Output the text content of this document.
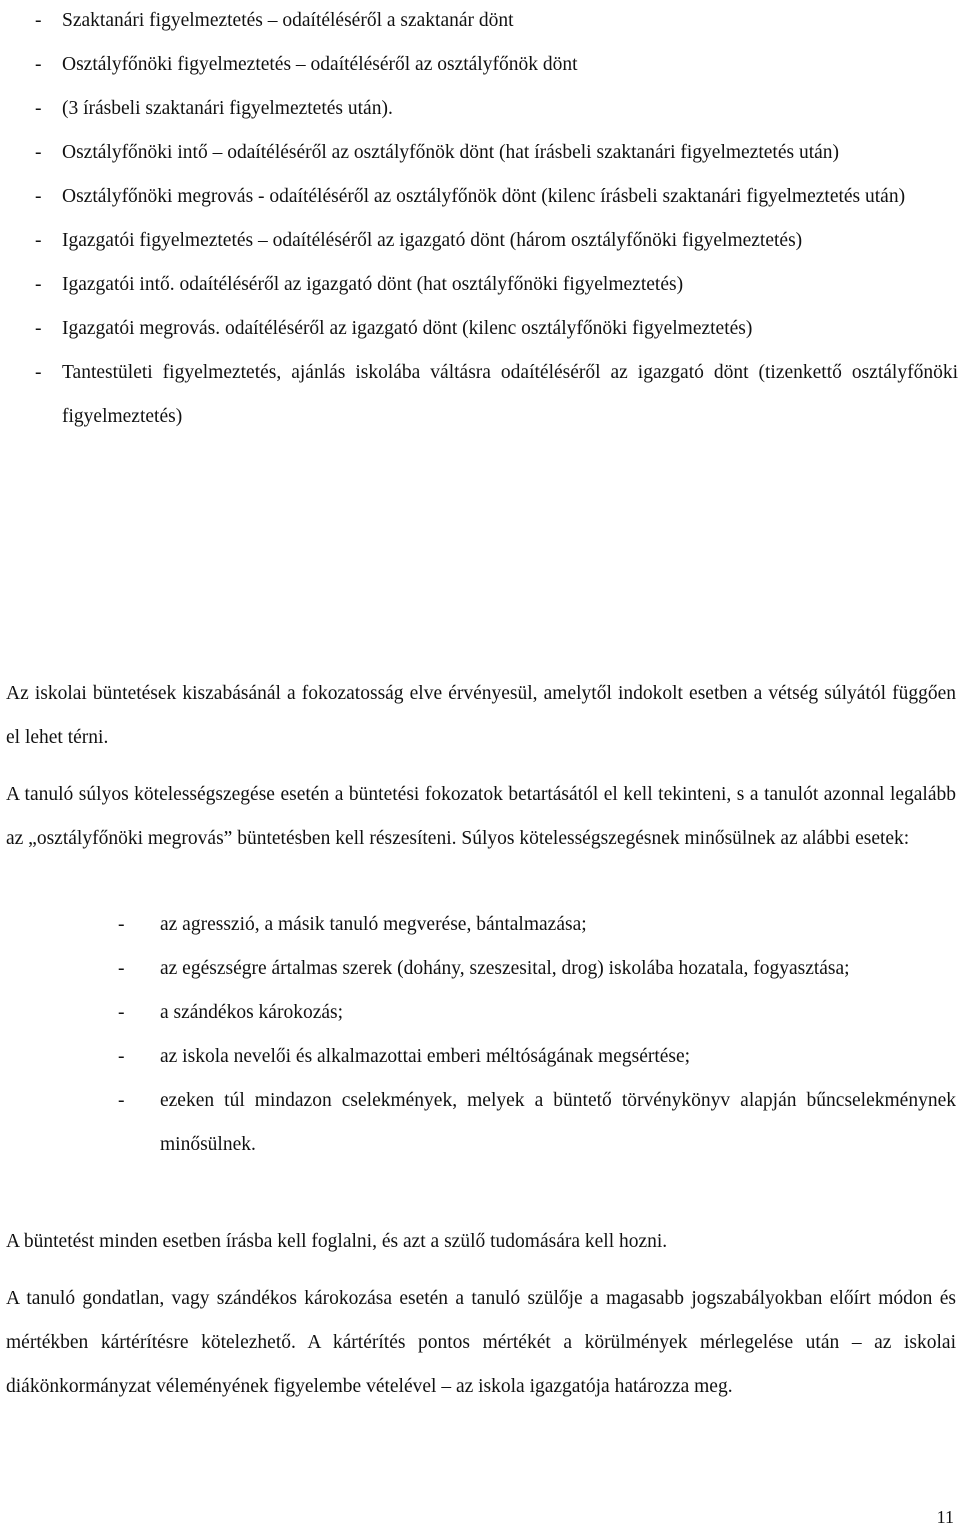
-	Szaktanári figyelmeztetés – odaítéléséről a szaktanár dönt
-	Osztályfőnöki figyelmeztetés – odaítéléséről az osztályfőnök dönt
-	(3 írásbeli szaktanári figyelmeztetés után).
-	Osztályfőnöki intő – odaítéléséről az osztályfőnök dönt (hat írásbeli szaktanári figyelmeztetés után)
-	Osztályfőnöki megrovás - odaítéléséről az osztályfőnök dönt (kilenc írásbeli szaktanári figyelmeztetés után)
-	Igazgatói figyelmeztetés – odaítéléséről az igazgató dönt (három osztályfőnöki figyelmeztetés)
-	Igazgatói intő. odaítéléséről az igazgató dönt (hat osztályfőnöki figyelmeztetés)
-	Igazgatói megrovás. odaítéléséről az igazgató dönt (kilenc osztályfőnöki figyelmeztetés)
-	Tantestületi figyelmeztetés, ajánlás iskolába váltásra odaítéléséről az igazgató dönt (tizenkettő osztályfőnöki figyelmeztetés)

Az iskolai büntetések kiszabásánál a fokozatosság elve érvényesül, amelytől indokolt esetben a vétség súlyától függően el lehet térni.

A tanuló súlyos kötelességszegése esetén a büntetési fokozatok betartásától el kell tekinteni, s a tanulót azonnal legalább az „osztályfőnöki megrovás” büntetésben kell részesíteni. Súlyos kötelességszegésnek minősülnek az alábbi esetek:

-	az agresszió, a másik tanuló megverése, bántalmazása;
-	az egészségre ártalmas szerek (dohány, szeszesital, drog) iskolába hozatala, fogyasztása;
-	a szándékos károkozás;
-	az iskola nevelői és alkalmazottai emberi méltóságának megsértése;
-	ezeken túl mindazon cselekmények, melyek a büntető törvénykönyv alapján bűncselekménynek minősülnek.

A büntetést minden esetben írásba kell foglalni, és azt a szülő tudomására kell hozni.

A tanuló gondatlan, vagy szándékos károkozása esetén a tanuló szülője a magasabb jogszabályokban előírt módon és mértékben kártérítésre kötelezhető. A kártérítés pontos mértékét a körülmények mérlegelése után – az iskolai diákönkormányzat véleményének figyelembe vételével – az iskola igazgatója határozza meg.

11
